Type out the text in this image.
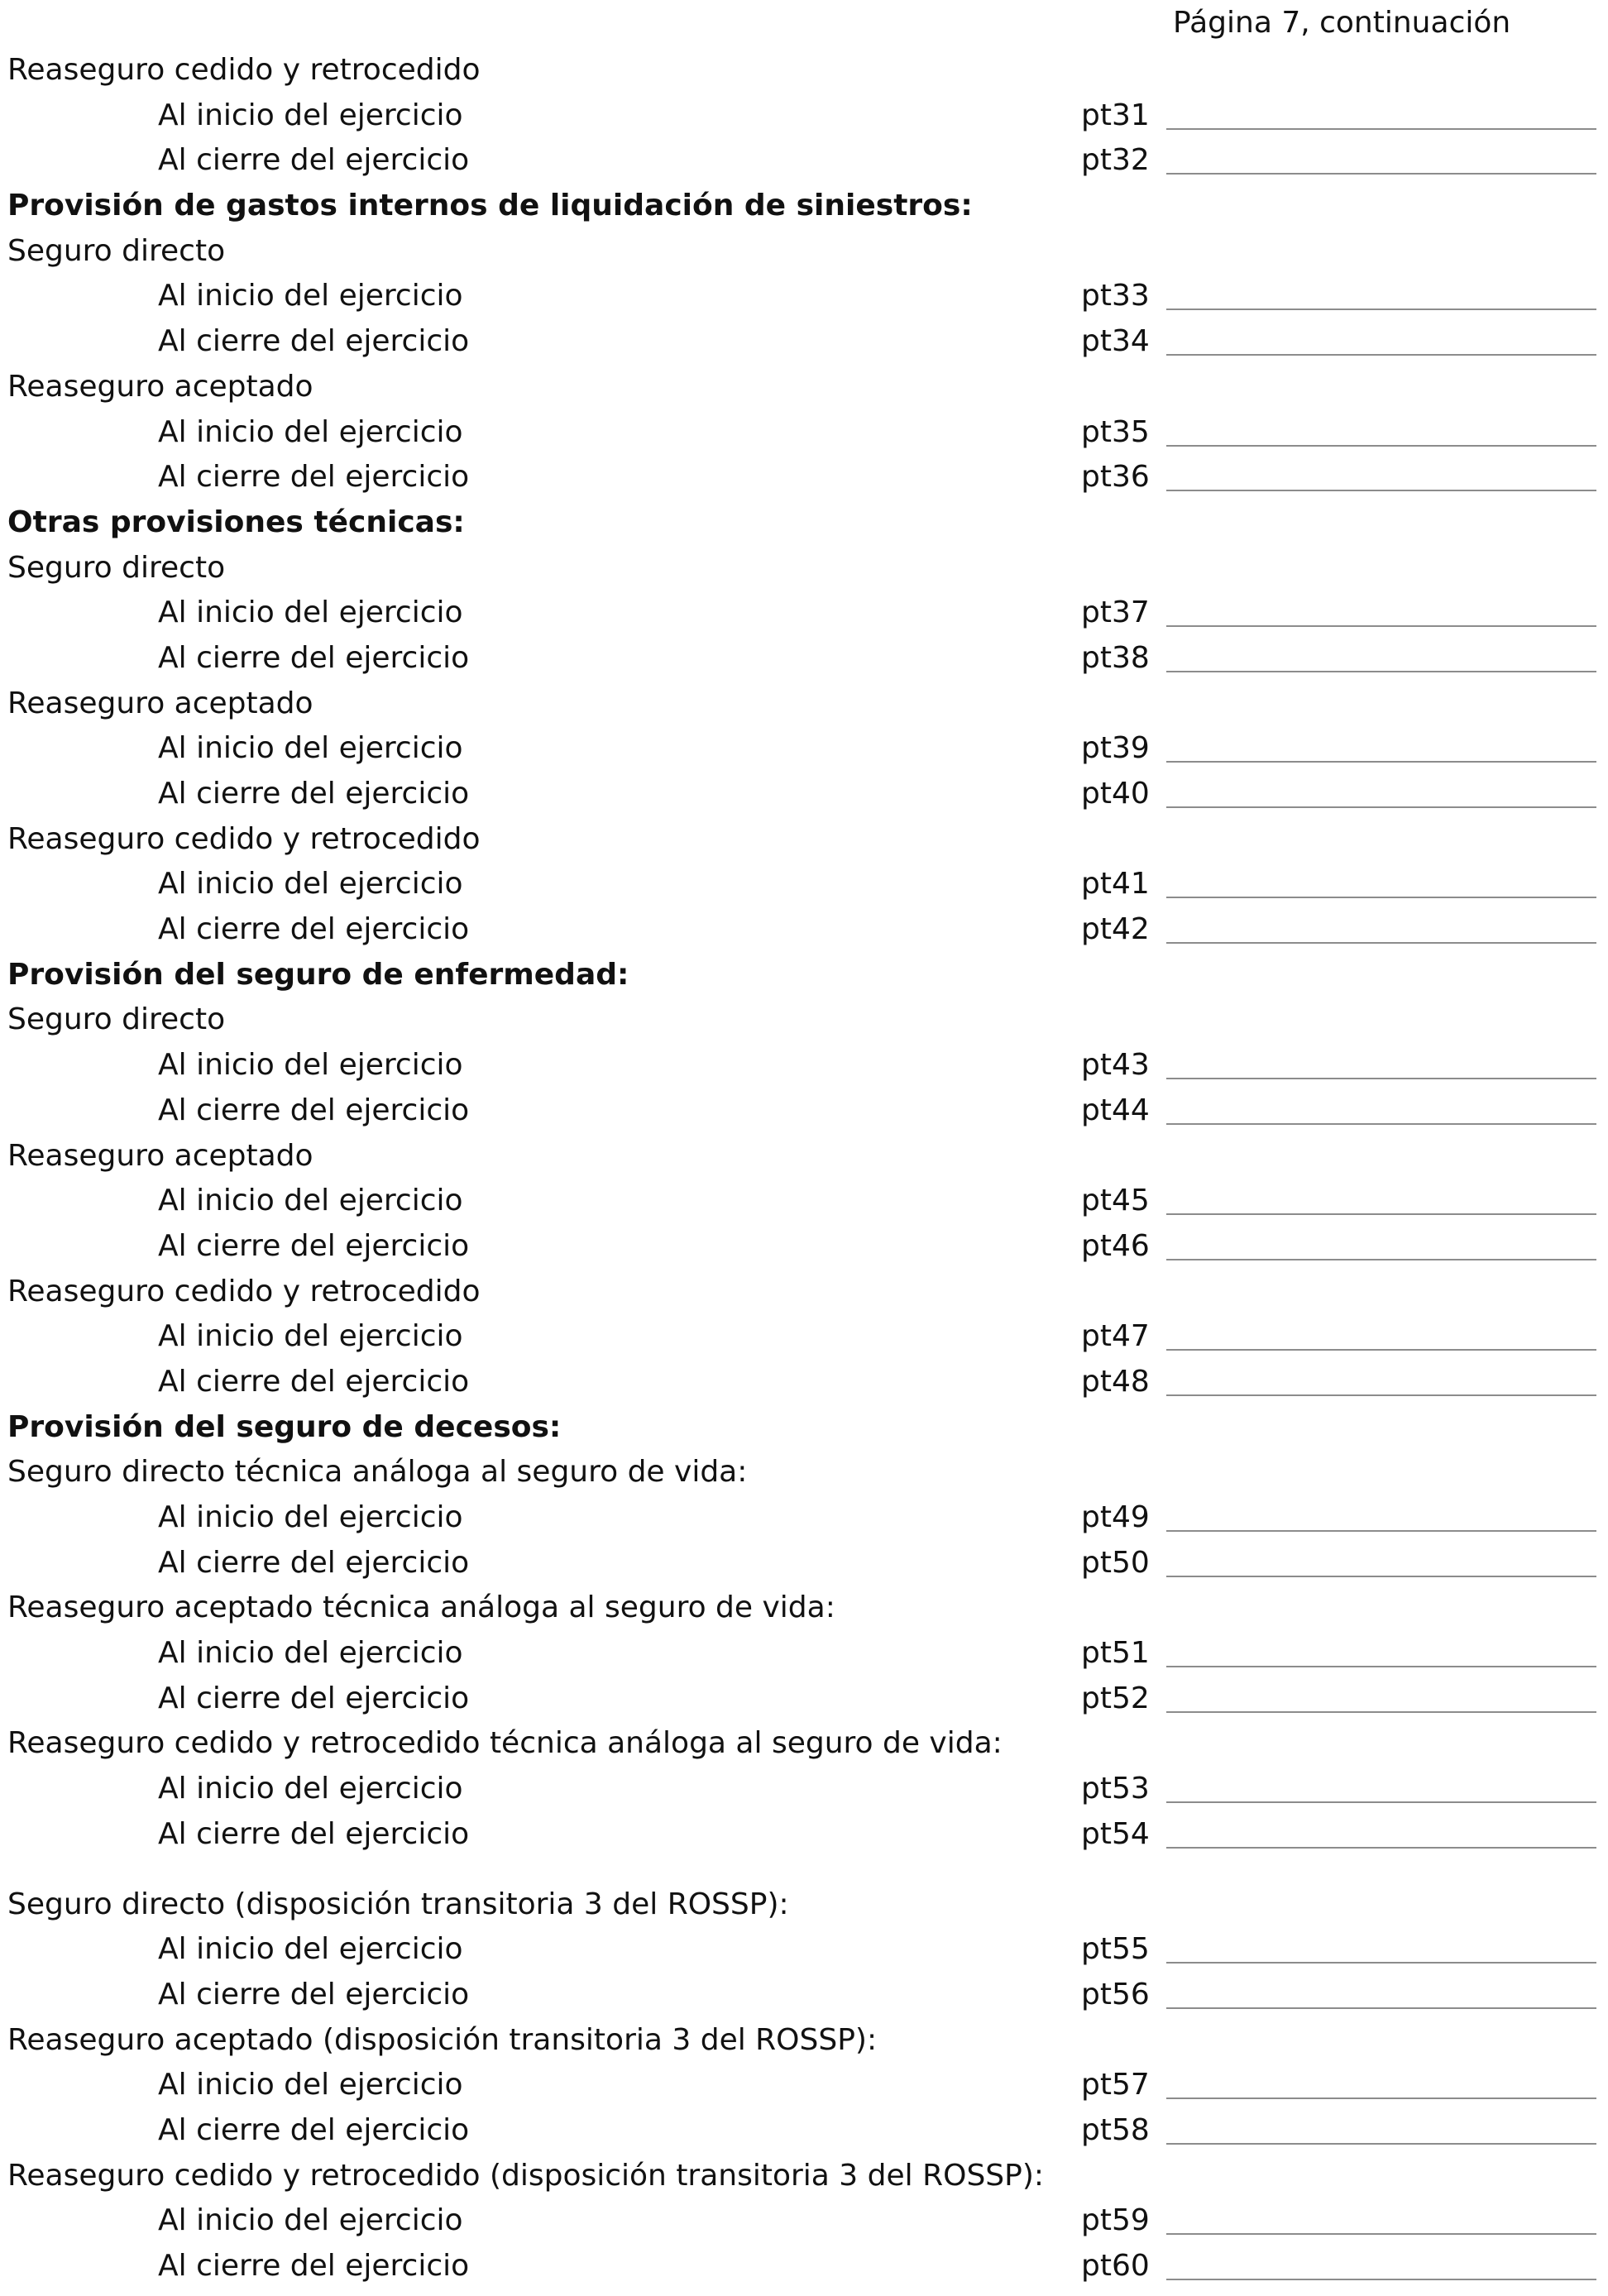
Página 7, continuación
Reaseguro cedido y retrocedido
Al inicio del ejercicio	pt31
Al cierre del ejercicio	pt32
Provisión de gastos internos de liquidación de siniestros:
Seguro directo
Al inicio del ejercicio	pt33
Al cierre del ejercicio	pt34
Reaseguro aceptado
Al inicio del ejercicio	pt35
Al cierre del ejercicio	pt36
Otras provisiones técnicas:
Seguro directo
Al inicio del ejercicio	pt37
Al cierre del ejercicio	pt38
Reaseguro aceptado
Al inicio del ejercicio	pt39
Al cierre del ejercicio	pt40
Reaseguro cedido y retrocedido
Al inicio del ejercicio	pt41
Al cierre del ejercicio	pt42
Provisión del seguro de enfermedad:
Seguro directo
Al inicio del ejercicio	pt43
Al cierre del ejercicio	pt44
Reaseguro aceptado
Al inicio del ejercicio	pt45
Al cierre del ejercicio	pt46
Reaseguro cedido y retrocedido
Al inicio del ejercicio	pt47
Al cierre del ejercicio	pt48
Provisión del seguro de decesos:
Seguro directo técnica análoga al seguro de vida:
Al inicio del ejercicio	pt49
Al cierre del ejercicio	pt50
Reaseguro aceptado técnica análoga al seguro de vida:
Al inicio del ejercicio	pt51
Al cierre del ejercicio	pt52
Reaseguro cedido y retrocedido técnica análoga al seguro de vida:
Al inicio del ejercicio	pt53
Al cierre del ejercicio	pt54
Seguro directo (disposición transitoria 3 del ROSSP):
Al inicio del ejercicio	pt55
Al cierre del ejercicio	pt56
Reaseguro aceptado (disposición transitoria 3 del ROSSP):
Al inicio del ejercicio	pt57
Al cierre del ejercicio	pt58
Reaseguro cedido y retrocedido (disposición transitoria 3 del ROSSP):
Al inicio del ejercicio	pt59
Al cierre del ejercicio	pt60
